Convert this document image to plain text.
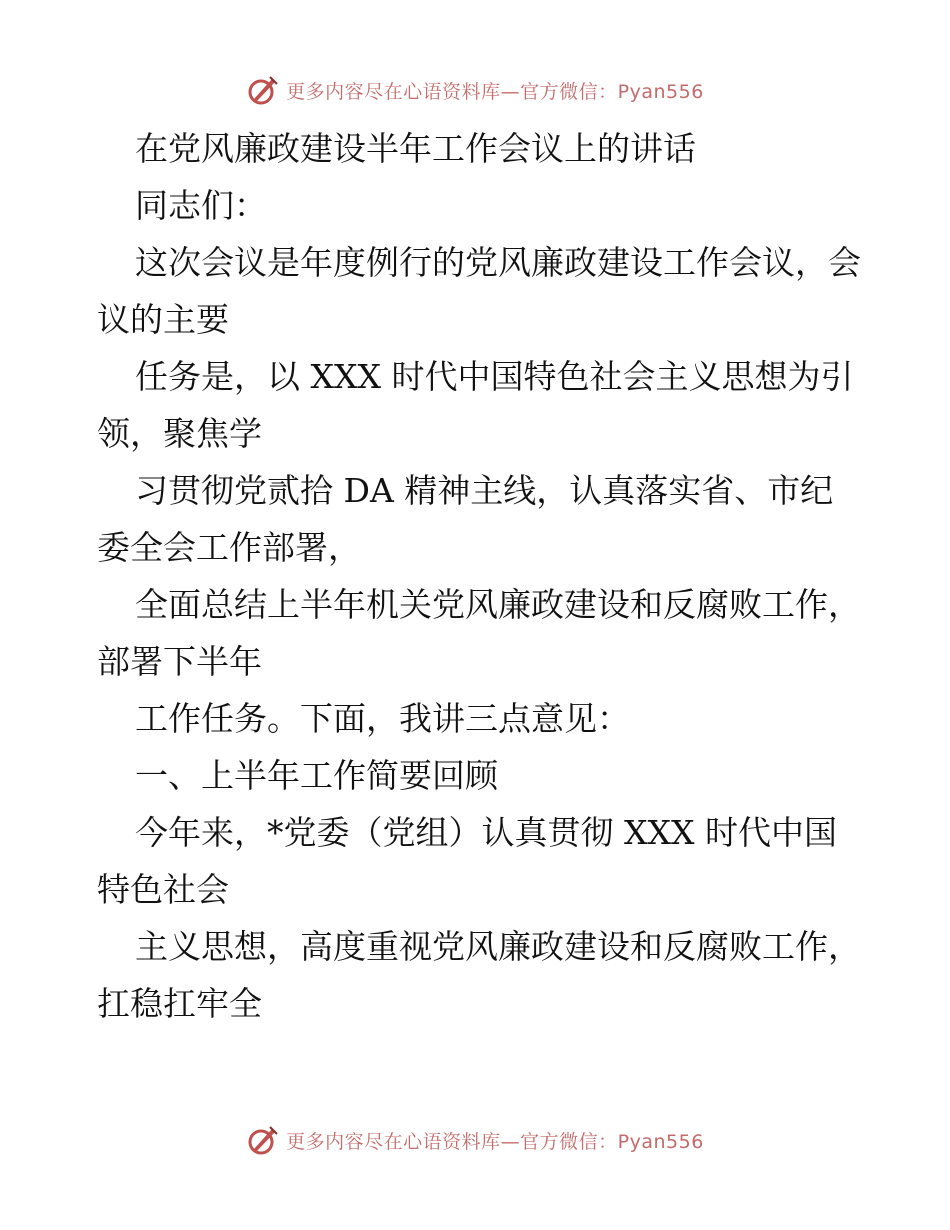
更多内容尽在心语资料库—官方微信：Pyan556

在党风廉政建设半年工作会议上的讲话

同志们：

这次会议是年度例行的党风廉政建设工作会议，会议的主要

任务是，以 XXX 时代中国特色社会主义思想为引领，聚焦学

习贯彻党贰拾 DA 精神主线，认真落实省、市纪委全会工作部署，

全面总结上半年机关党风廉政建设和反腐败工作，部署下半年

工作任务。下面，我讲三点意见：

一、上半年工作简要回顾

今年来，*党委（党组）认真贯彻 XXX 时代中国特色社会

主义思想，高度重视党风廉政建设和反腐败工作，扛稳扛牢全

更多内容尽在心语资料库—官方微信：Pyan556
